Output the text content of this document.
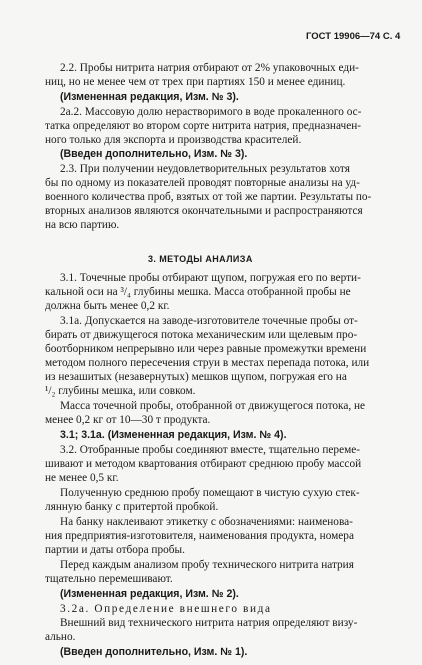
ГОСТ 19906—74 С. 4

2.2. Пробы нитрита натрия отбирают от 2% упаковочных еди-

ниц, но не менее чем от трех при партиях 150 и менее единиц.

(Измененная редакция, Изм. № 3).

2а.2. Массовую долю нерастворимого в воде прокаленного ос-

татка определяют во втором сорте нитрита натрия, предназначен-

ного только для экспорта и производства красителей.

(Введен дополнительно, Изм. № 3).

2.3. При получении неудовлетворительных результатов хотя

бы по одному из показателей проводят повторные анализы на уд-

военного количества проб, взятых от той же партии. Результаты по-

вторных анализов являются окончательными и распространяются

на всю партию.

3. МЕТОДЫ АНАЛИЗА

3.1. Точечные пробы отбирают щупом, погружая его по верти-

кальной оси на ³/₄ глубины мешка. Масса отобранной пробы не

должна быть менее 0,2 кг.

3.1а. Допускается на заводе-изготовителе точечные пробы от-

бирать от движущегося потока механическим или щелевым про-

боотборником непрерывно или через равные промежутки времени

методом полного пересечения струи в местах перепада потока, или

из незашитых (незавернутых) мешков щупом, погружая его на

¹/₂ глубины мешка, или совком.

Масса точечной пробы, отобранной от движущегося потока, не

менее 0,2 кг от 10—30 т продукта.

3.1; 3.1а. (Измененная редакция, Изм. № 4).

3.2. Отобранные пробы соединяют вместе, тщательно переме-

шивают и методом квартования отбирают среднюю пробу массой

не менее 0,5 кг.

Полученную среднюю пробу помещают в чистую сухую стек-

лянную банку с притертой пробкой.

На банку наклеивают этикетку с обозначениями: наименова-

ния предприятия-изготовителя, наименования продукта, номера

партии и даты отбора пробы.

Перед каждым анализом пробу технического нитрита натрия

тщательно перемешивают.

(Измененная редакция, Изм. № 2).

3.2а. Определение внешнего вида

Внешний вид технического нитрита натрия определяют визу-

ально.

(Введен дополнительно, Изм. № 1).
